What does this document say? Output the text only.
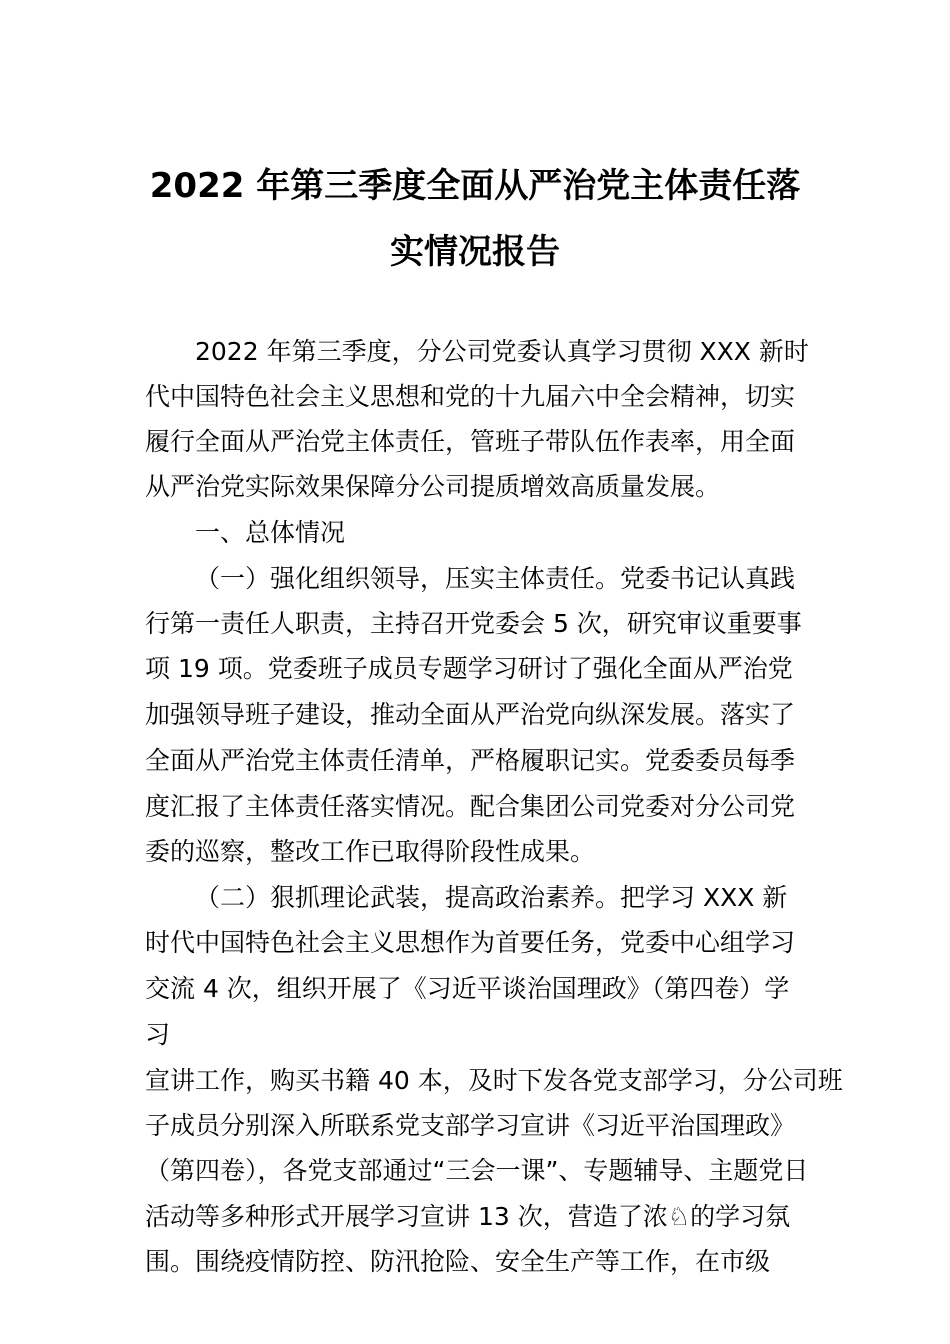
2022 年第三季度全面从严治党主体责任落
实情况报告
2022 年第三季度，分公司党委认真学习贯彻 XXX 新时
代中国特色社会主义思想和党的十九届六中全会精神，切实
履行全面从严治党主体责任，管班子带队伍作表率，用全面
从严治党实际效果保障分公司提质增效高质量发展。
一、总体情况
（一）强化组织领导，压实主体责任。党委书记认真践
行第一责任人职责，主持召开党委会 5 次，研究审议重要事
项 19 项。党委班子成员专题学习研讨了强化全面从严治党
加强领导班子建设，推动全面从严治党向纵深发展。落实了
全面从严治党主体责任清单，严格履职记实。党委委员每季
度汇报了主体责任落实情况。配合集团公司党委对分公司党
委的巡察，整改工作已取得阶段性成果。
（二）狠抓理论武装，提高政治素养。把学习 XXX 新
时代中国特色社会主义思想作为首要任务，党委中心组学习
交流 4 次，组织开展了《习近平谈治国理政》（第四卷）学
习
宣讲工作，购买书籍 40 本，及时下发各党支部学习，分公司班
子成员分别深入所联系党支部学习宣讲《习近平治国理政》
（第四卷），各党支部通过“三会一课”、专题辅导、主题党日
活动等多种形式开展学习宣讲 13 次，营造了浓♘的学习氛
围。围绕疫情防控、防汛抢险、安全生产等工作，在市级
